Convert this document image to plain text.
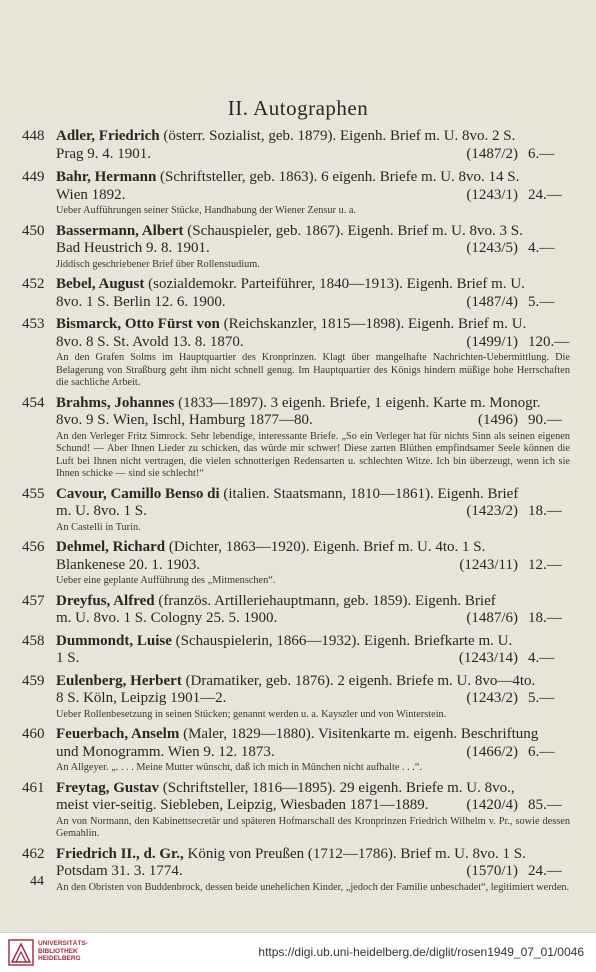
II. Autographen
448 Adler, Friedrich (österr. Sozialist, geb. 1879). Eigenh. Brief m. U. 8vo. 2 S.
Prag 9. 4. 1901.	(1487/2) 6.—
449 Bahr, Hermann (Schriftsteller, geb. 1863). 6 eigenh. Briefe m. U. 8vo. 14 S.
Wien 1892.	(1243/1) 24.—
Ueber Aufführungen seiner Stücke, Handhabung der Wiener Zensur u. a.
450 Bassermann, Albert (Schauspieler, geb. 1867). Eigenh. Brief m. U. 8vo. 3 S.
Bad Heustrich 9. 8. 1901.	(1243/5) 4.—
Jiddisch geschriebener Brief über Rollenstudium.
452 Bebel, August (sozialdemokr. Parteiführer, 1840—1913). Eigenh. Brief m. U.
8vo. 1 S. Berlin 12. 6. 1900.	(1487/4) 5.—
453 Bismarck, Otto Fürst von (Reichskanzler, 1815—1898). Eigenh. Brief m. U.
8vo. 8 S. St. Avold 13. 8. 1870.	(1499/1) 120.—
An den Grafen Solms im Hauptquartier des Kronprinzen. Klagt über mangelhafte Nachrichten-Uebermittlung. Die Belagerung von Straßburg geht ihm nicht schnell genug. Im Hauptquartier des Königs hindern müßige hohe Herrschaften die sachliche Arbeit.
454 Brahms, Johannes (1833—1897). 3 eigenh. Briefe, 1 eigenh. Karte m. Monogr.
8vo. 9 S. Wien, Ischl, Hamburg 1877—80.	(1496) 90.—
An den Verleger Fritz Simrock. Sehr lebendige, interessante Briefe. „So ein Verleger hat für nichts Sinn als seinen eigenen Schund! — Aber Ihnen Lieder zu schicken, das würde mir schwer! Diese zarten Blüthen empfindsamer Seele können die Luft bei Ihnen nicht vertragen, die vielen schnotterigen Redensarten u. schlechten Witze. Ich bin überzeugt, wenn ich sie Ihnen schicke — sind sie schlecht!“
455 Cavour, Camillo Benso di (italien. Staatsmann, 1810—1861). Eigenh. Brief
m. U. 8vo. 1 S.	(1423/2) 18.—
An Castelli in Turin.
456 Dehmel, Richard (Dichter, 1863—1920). Eigenh. Brief m. U. 4to. 1 S.
Blankenese 20. 1. 1903.	(1243/11) 12.—
Ueber eine geplante Aufführung des „Mitmenschen“.
457 Dreyfus, Alfred (französ. Artilleriehauptmann, geb. 1859). Eigenh. Brief
m. U. 8vo. 1 S. Cologny 25. 5. 1900.	(1487/6) 18.—
458 Dummondt, Luise (Schauspielerin, 1866—1932). Eigenh. Briefkarte m. U.
1 S.	(1243/14) 4.—
459 Eulenberg, Herbert (Dramatiker, geb. 1876). 2 eigenh. Briefe m. U. 8vo—4to.
8 S. Köln, Leipzig 1901—2.	(1243/2) 5.—
Ueber Rollenbesetzung in seinen Stücken; genannt werden u. a. Kayszler und von Winterstein.
460 Feuerbach, Anselm (Maler, 1829—1880). Visitenkarte m. eigenh. Beschriftung
und Monogramm. Wien 9. 12. 1873.	(1466/2) 6.—
An Allgeyer. „. . . . Meine Mutter wünscht, daß ich mich in München nicht aufhalte . . .“.
461 Freytag, Gustav (Schriftsteller, 1816—1895). 29 eigenh. Briefe m. U. 8vo.,
meist vier-seitig. Siebleben, Leipzig, Wiesbaden 1871—1889.	(1420/4) 85.—
An von Normann, den Kabinettsecretär und späteren Hofmarschall des Kronprinzen Friedrich Wilhelm v. Pr., sowie dessen Gemahlin.
462 Friedrich II., d. Gr., König von Preußen (1712—1786). Brief m. U. 8vo. 1 S.
Potsdam 31. 3. 1774.	(1570/1) 24.—
An den Obristen von Buddenbrock, dessen beide unehelichen Kinder, „jedoch der Familie unbeschadet“, legitimiert werden.
44
UNIVERSITÄTS-
BIBLIOTHEK
HEIDELBERG	https://digi.ub.uni-heidelberg.de/diglit/rosen1949_07_01/0046
